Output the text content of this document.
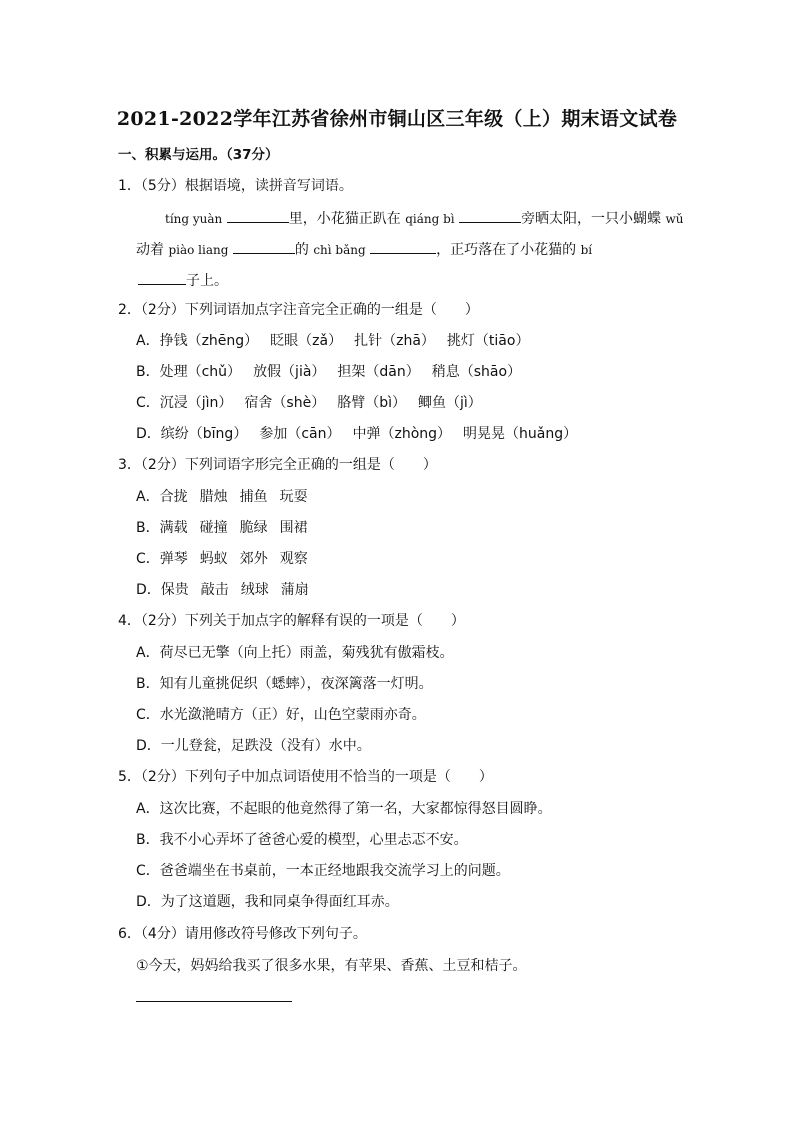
2021-2022学年江苏省徐州市铜山区三年级（上）期末语文试卷
一、积累与运用。（37分）
1．（5分）根据语境，读拼音写词语。
tíng yuàn	里，小花猫正趴在 qiáng bì	旁晒太阳，一只小蝴蝶 wǔ
动着 piào liang	的 chì bǎng	，正巧落在了小花猫的 bí
子上。
2．（2分）下列词语加点字注音完全正确的一组是（　　）
A．挣钱（zhēng） 眨眼（zǎ） 扎针（zhā） 挑灯（tiāo）
B．处理（chǔ） 放假（jià） 担架（dān） 稍息（shāo）
C．沉浸（jìn） 宿舍（shè） 胳臂（bì） 鲫鱼（jì）
D．缤纷（bīng） 参加（cān） 中弹（zhòng） 明晃晃（huǎng）
3．（2分）下列词语字形完全正确的一组是（　　）
A．合拢 腊烛 捕鱼 玩耍
B．满载 碰撞 脆绿 围裙
C．弹琴 蚂蚁 郊外 观察
D．保贵 敲击 绒球 蒲扇
4．（2分）下列关于加点字的解释有误的一项是（　　）
A．荷尽已无擎（向上托）雨盖，菊残犹有傲霜枝。
B．知有儿童挑促织（蟋蟀），夜深篱落一灯明。
C．水光潋滟晴方（正）好，山色空蒙雨亦奇。
D．一儿登瓮，足跌没（没有）水中。
5．（2分）下列句子中加点词语使用不恰当的一项是（　　）
A．这次比赛，不起眼的他竟然得了第一名，大家都惊得怒目圆睁。
B．我不小心弄坏了爸爸心爱的模型，心里忐忑不安。
C．爸爸端坐在书桌前，一本正经地跟我交流学习上的问题。
D．为了这道题，我和同桌争得面红耳赤。
6．（4分）请用修改符号修改下列句子。
①今天，妈妈给我买了很多水果，有苹果、香蕉、土豆和桔子。
